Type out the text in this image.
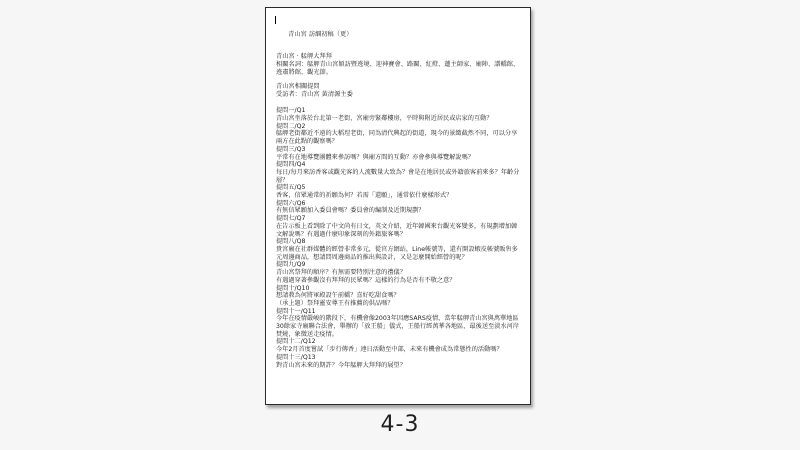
青山宮 訪綱初稿（更）

青山宮 ‧ 艋舺大拜拜
相關名詞：艋舺青山宮穎訪暨遶境、迎神賽會、路關、紅燈、蓮主師家、廟陣、譜轎館、遶肅將館、觀光節。
青山宮相關提問
受訪者：青山宮 黃清源主委
提問一/Q1
青山宮坐落於台北第一老街，宮廟旁緊鄰樓房，平時與附近居民或店家的互動？
提問二/Q2
艋舺老街鄰近不遠的大稻埕老街，同為清代興起的街道，現今的景緻截然不同，可以分享兩方在此點的觀察嗎？
提問三/Q3
平常有在地導覽團體來參訪嗎？與廟方間的互動？亦會參與導覽解說嗎？
提問四/Q4
每日/每月來訪香客或觀光客的人流數量大致為？會是在地居民或外籍旅客前來多？年齡分層？
提問五/Q5
香客，信眾通常的祈願為何？若需「還願」，通常依什麼樣形式？
提問六/Q6
有無信眾願加入委員會嗎？委員會的編制及近期規劃？
提問七/Q7
在告示板上看到除了中文尚有日文，英文介紹，近年韓國來台觀光客變多，有規劃增加韓文解說嗎？有遇過什麼印象深刻的外籍旅客嗎？
提問八/Q8
貴宮廟在社群媒體的經營非常多元，從官方網站，Line帳號等，還有開設蝦皮帳號販售多元周邊商品，想請問周邊商品的推出與設計，又是怎麼開始經營的呢？
提問九/Q9
青山宮祭拜的順序？有無需要特別注意的禮儀？
有遇過穿著參觀沒有拜拜的民眾嗎？這樣的行為是否有不敬之意？
提問十/Q10
想請教為何將軍殿設午前轎？喜好吃甜食嗎？
（承上題）祭拜靈安尊王有推薦的供品嗎？
提問十一/Q11
今年在疫情嚴峻的階段下，有機會像2003年因應SARS疫情，當年艋舺青山宮與萬華地區30餘家寺廟聯合法會，舉辦的「放王船」儀式，王船行經萬華各地區，最後送至淡水河岸焚燒，象徵送走疫情。
提問十二/Q12
今年2月首度嘗試「步行傳香」連日活動至中部，未來有機會成為常態性的活動嗎？
提問十三/Q13
對青山宮未來的期許？今年艋舺大拜拜的展望？
4-3
